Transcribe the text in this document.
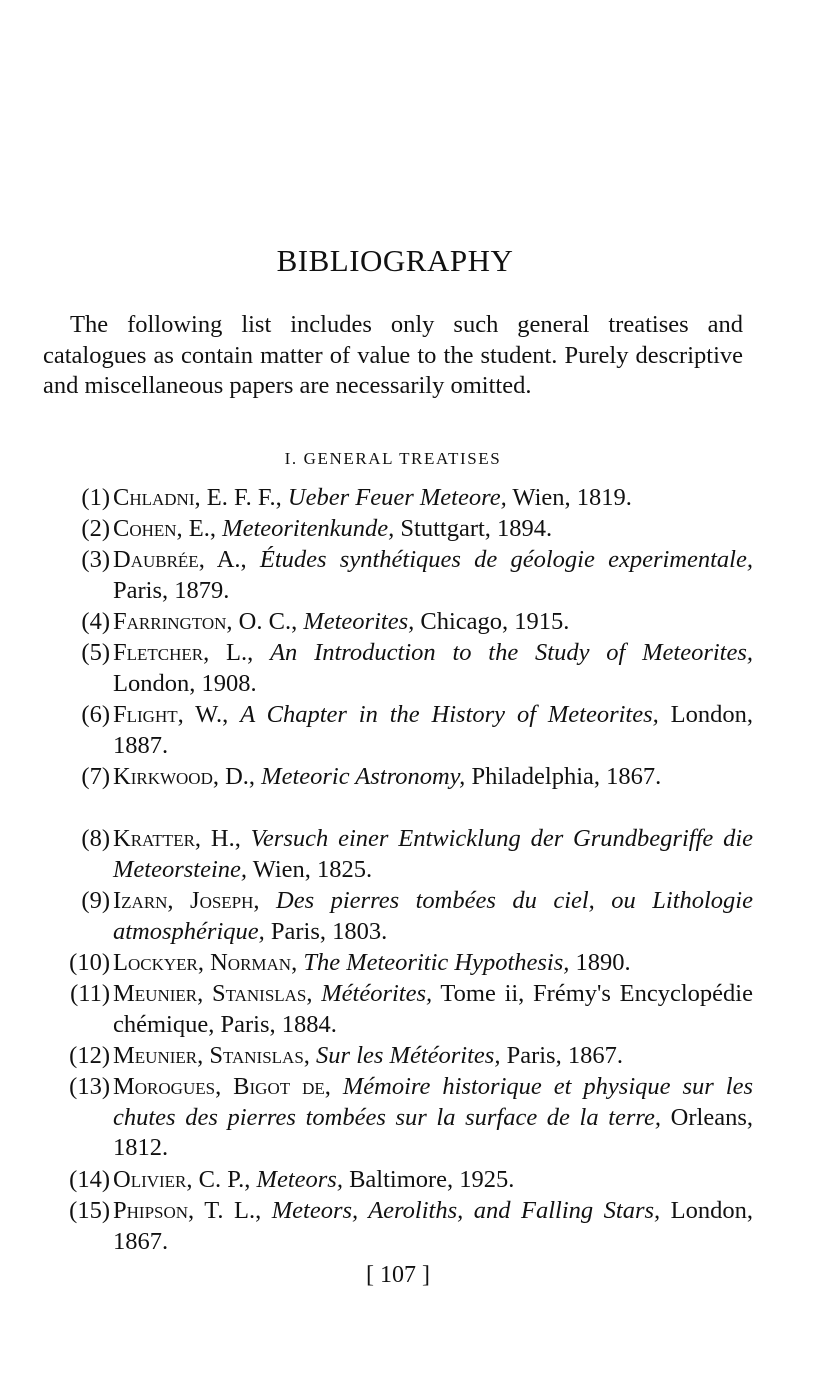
BIBLIOGRAPHY

The following list includes only such general treatises and catalogues as contain matter of value to the student. Purely descriptive and miscellaneous papers are necessarily omitted.

I. GENERAL TREATISES

(1) Chladni, E. F. F., Ueber Feuer Meteore, Wien, 1819.
(2) Cohen, E., Meteoritenkunde, Stuttgart, 1894.
(3) Daubrée, A., Études synthétiques de géologie experimentale, Paris, 1879.
(4) Farrington, O. C., Meteorites, Chicago, 1915.
(5) Fletcher, L., An Introduction to the Study of Meteorites, London, 1908.
(6) Flight, W., A Chapter in the History of Meteorites, London, 1887.
(7) Kirkwood, D., Meteoric Astronomy, Philadelphia, 1867.
(8) Kratter, H., Versuch einer Entwicklung der Grundbegriffe die Meteorsteine, Wien, 1825.
(9) Izarn, Joseph, Des pierres tombées du ciel, ou Lithologie atmosphérique, Paris, 1803.
(10) Lockyer, Norman, The Meteoritic Hypothesis, 1890.
(11) Meunier, Stanislas, Météorites, Tome ii, Frémy's Encyclopédie chémique, Paris, 1884.
(12) Meunier, Stanislas, Sur les Météorites, Paris, 1867.
(13) Morogues, Bigot de, Mémoire historique et physique sur les chutes des pierres tombées sur la surface de la terre, Orleans, 1812.
(14) Olivier, C. P., Meteors, Baltimore, 1925.
(15) Phipson, T. L., Meteors, Aeroliths, and Falling Stars, London, 1867.
[ 107 ]
